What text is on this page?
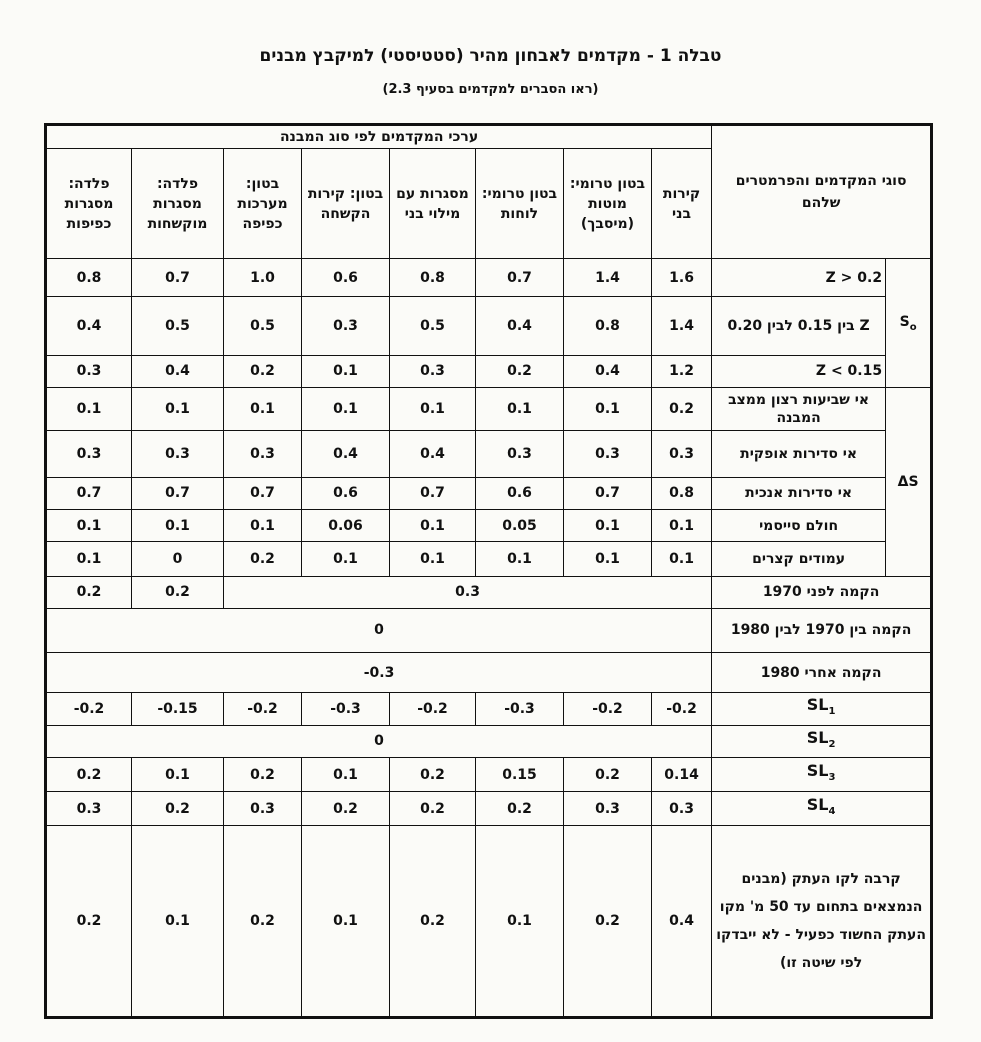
טבלה 1 - מקדמים לאבחון מהיר (סטטיסטי) למיקבץ מבנים
(ראו הסברים למקדמים בסעיף 2.3)
ערכי המקדמים לפי סוג המבנה								סוגי המקדמים והפרמטרים שלהם	
פלדה: מסגרות כפיפות	פלדה: מסגרות מוקשחות	בטון: מערכות כפיפה	בטון: קירות הקשחה	מסגרות עם מילוי בני	בטון טרומי: לוחות	בטון טרומי: מוטות (מיסבך)	קירות בני		
0.8	0.7	1.0	0.6	0.8	0.7	1.4	1.6	Z > 0.2	$S_o$
0.4	0.5	0.5	0.3	0.5	0.4	0.8	1.4	Z בין 0.15 לבין 0.20	
0.3	0.4	0.2	0.1	0.3	0.2	0.4	1.2	Z < 0.15	
0.1	0.1	0.1	0.1	0.1	0.1	0.1	0.2	אי שביעות רצון ממצב המבנה	ΔS
0.3	0.3	0.3	0.4	0.4	0.3	0.3	0.3	אי סדירות אופקית	
0.7	0.7	0.7	0.6	0.7	0.6	0.7	0.8	אי סדירות אנכית	
0.1	0.1	0.1	0.06	0.1	0.05	0.1	0.1	חולם סייסמי	
0.1	0	0.2	0.1	0.1	0.1	0.1	0.1	עמודים קצרים	
0.2	0.2	0.3						הקמה לפני 1970	
0								הקמה בין 1970 לבין 1980	
-0.3								הקמה אחרי 1980	
-0.2	-0.15	-0.2	-0.3	-0.2	-0.3	-0.2	-0.2	$SL_1$
0								$SL_2$
0.2	0.1	0.2	0.1	0.2	0.15	0.2	0.14	$SL_3$
0.3	0.2	0.3	0.2	0.2	0.2	0.3	0.3	$SL_4$
0.2	0.1	0.2	0.1	0.2	0.1	0.2	0.4	קרבה לקו העתק (מבנים הנמצאים בתחום עד 50 מ' מקו העתק החשוד כפעיל - לא ייבדקו לפי שיטה זו)	
